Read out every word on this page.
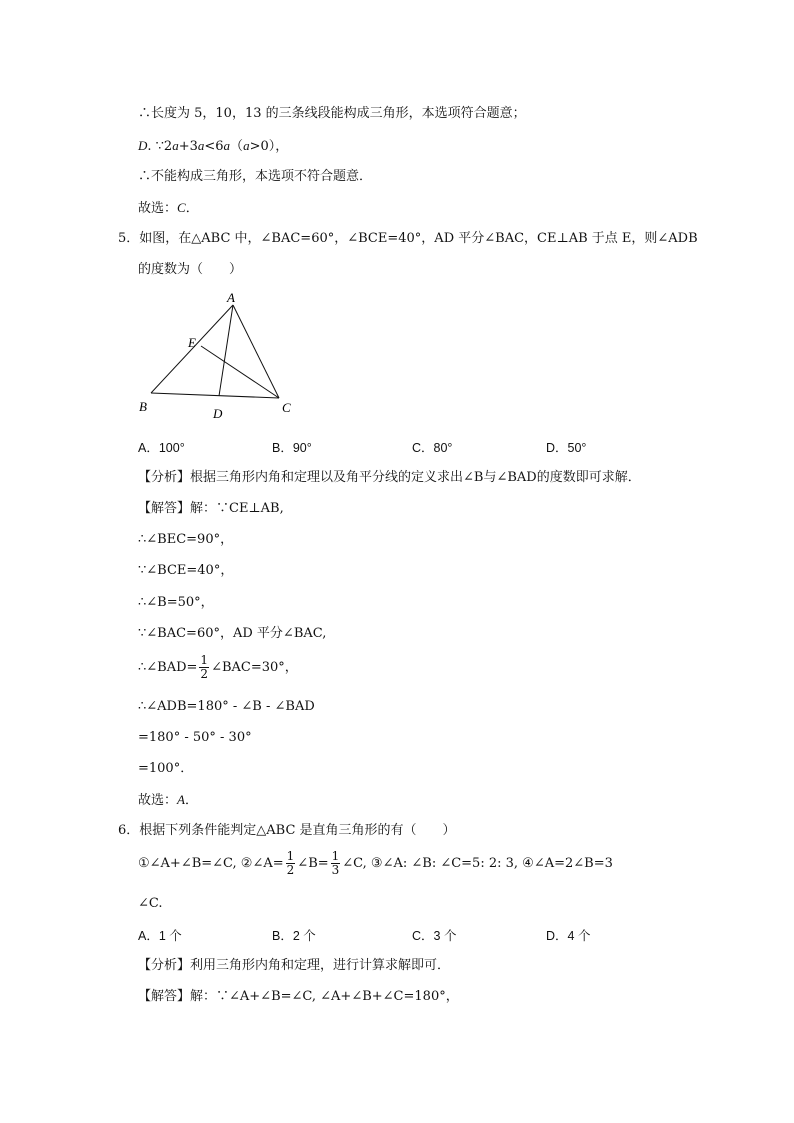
∴长度为 5，10，13 的三条线段能构成三角形，本选项符合题意；
D. ∵2a+3a<6a（a>0），
∴不能构成三角形，本选项不符合题意．
故选：C．
5．如图，在△ABC 中，∠BAC=60°，∠BCE=40°，AD 平分∠BAC，CE⊥AB 于点 E，则∠ADB
的度数为（　　）
A
B	C
D
E
A．100°	B．90°	C．80°	D．50°
【分析】根据三角形内角和定理以及角平分线的定义求出∠B与∠BAD的度数即可求解．
【解答】解：∵CE⊥AB,
∴∠BEC=90°，
∵∠BCE=40°，
∴∠B=50°，
∵∠BAC=60°，AD 平分∠BAC,
∴∠BAD= $\frac{1}{2}$ ∠BAC=30°，
∴∠ADB=180° - ∠B - ∠BAD
=180° - 50° - 30°
=100°．
故选：A．
6．根据下列条件能判定△ABC 是直角三角形的有（　　）
①∠A+∠B=∠C, ②∠A= $\frac{1}{2}$ ∠B= $\frac{1}{3}$ ∠C, ③∠A: ∠B: ∠C=5: 2: 3, ④∠A=2∠B=3
∠C.
A．1 个	B．2 个	C．3 个	D．4 个
【分析】利用三角形内角和定理，进行计算求解即可．
【解答】解：∵∠A+∠B=∠C, ∠A+∠B+∠C=180°，
